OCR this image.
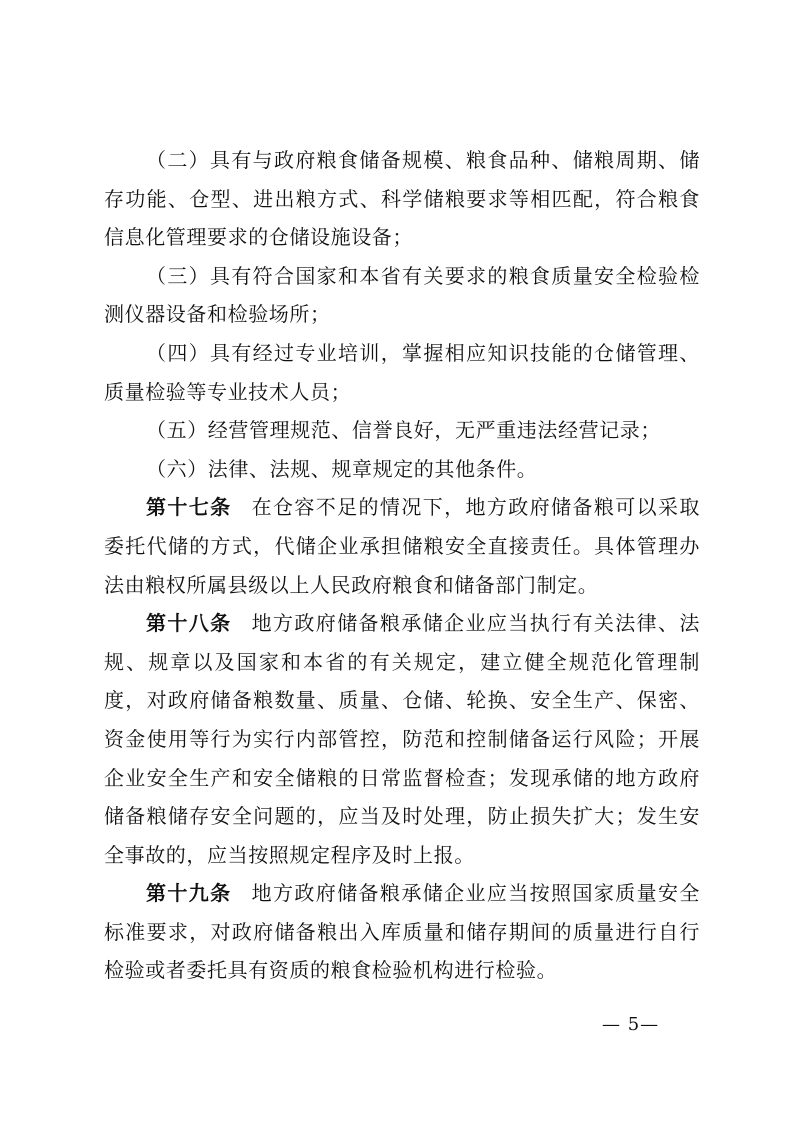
（二）具有与政府粮食储备规模、粮食品种、储粮周期、储存功能、仓型、进出粮方式、科学储粮要求等相匹配，符合粮食信息化管理要求的仓储设施设备；

（三）具有符合国家和本省有关要求的粮食质量安全检验检测仪器设备和检验场所；

（四）具有经过专业培训，掌握相应知识技能的仓储管理、质量检验等专业技术人员；

（五）经营管理规范、信誉良好，无严重违法经营记录；

（六）法律、法规、规章规定的其他条件。

第十七条 在仓容不足的情况下，地方政府储备粮可以采取委托代储的方式，代储企业承担储粮安全直接责任。具体管理办法由粮权所属县级以上人民政府粮食和储备部门制定。

第十八条 地方政府储备粮承储企业应当执行有关法律、法规、规章以及国家和本省的有关规定，建立健全规范化管理制度，对政府储备粮数量、质量、仓储、轮换、安全生产、保密、资金使用等行为实行内部管控，防范和控制储备运行风险；开展企业安全生产和安全储粮的日常监督检查；发现承储的地方政府储备粮储存安全问题的，应当及时处理，防止损失扩大；发生安全事故的，应当按照规定程序及时上报。

第十九条 地方政府储备粮承储企业应当按照国家质量安全标准要求，对政府储备粮出入库质量和储存期间的质量进行自行检验或者委托具有资质的粮食检验机构进行检验。

— 5—
